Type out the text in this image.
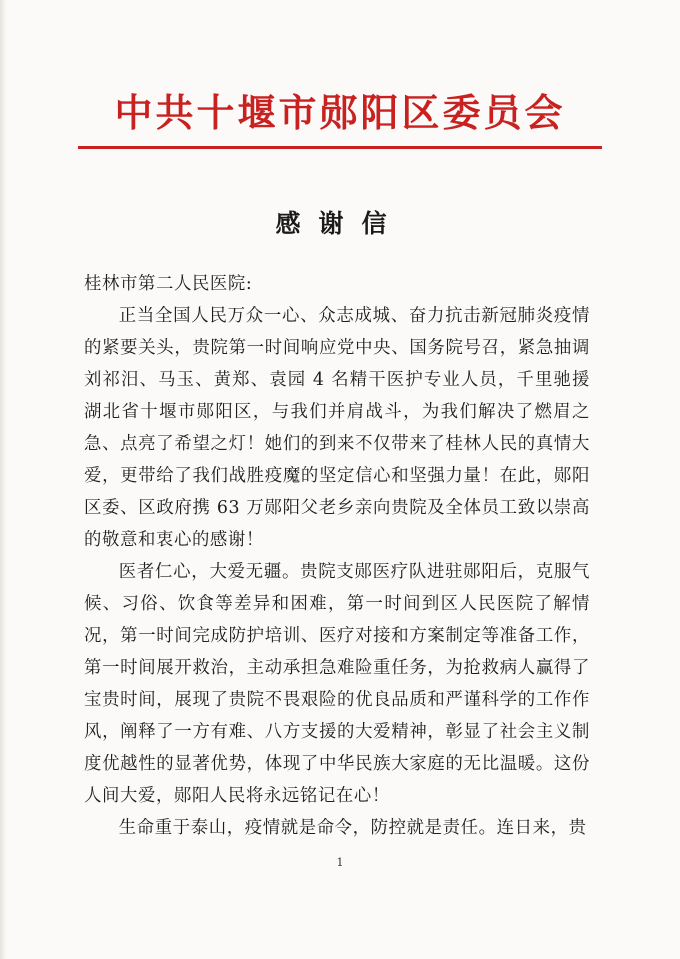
中共十堰市郧阳区委员会
感谢信

桂林市第二人民医院:

正当全国人民万众一心、众志成城、奋力抗击新冠肺炎疫情的紧要关头，贵院第一时间响应党中央、国务院号召，紧急抽调刘祁汨、马玉、黄郑、袁园 4 名精干医护专业人员，千里驰援湖北省十堰市郧阳区，与我们并肩战斗，为我们解决了燃眉之急、点亮了希望之灯！她们的到来不仅带来了桂林人民的真情大爱，更带给了我们战胜疫魔的坚定信心和坚强力量！在此，郧阳区委、区政府携 63 万郧阳父老乡亲向贵院及全体员工致以崇高的敬意和衷心的感谢！

医者仁心，大爱无疆。贵院支郧医疗队进驻郧阳后，克服气候、习俗、饮食等差异和困难，第一时间到区人民医院了解情况，第一时间完成防护培训、医疗对接和方案制定等准备工作，第一时间展开救治，主动承担急难险重任务，为抢救病人赢得了宝贵时间，展现了贵院不畏艰险的优良品质和严谨科学的工作作风，阐释了一方有难、八方支援的大爱精神，彰显了社会主义制度优越性的显著优势，体现了中华民族大家庭的无比温暖。这份人间大爱，郧阳人民将永远铭记在心！

生命重于泰山，疫情就是命令，防控就是责任。连日来，贵

1
